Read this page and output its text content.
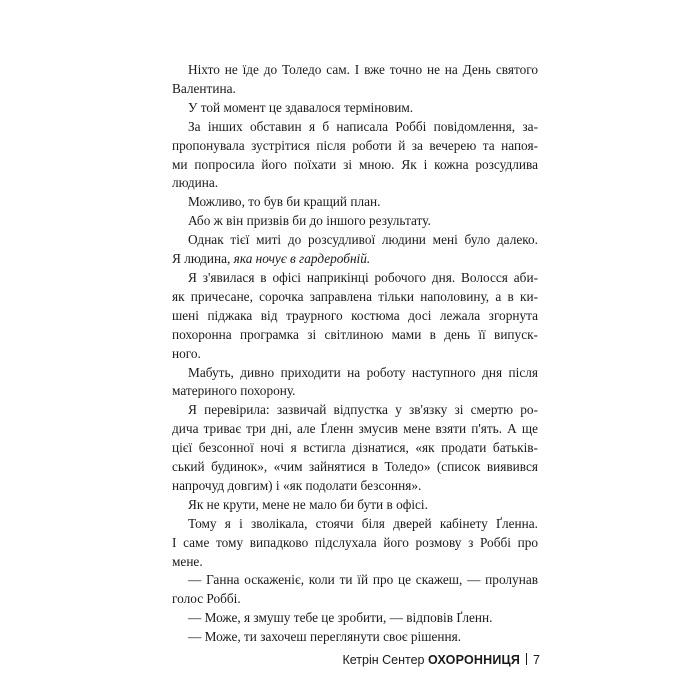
Ніхто не їде до Толедо сам. І вже точно не на День святого
Валентина.

У той момент це здавалося терміновим.

За інших обставин я б написала Роббі повідомлення, за-
пропонувала зустрітися після роботи й за вечерею та напоя-
ми попросила його поїхати зі мною. Як і кожна розсудлива
людина.

Можливо, то був би кращий план.

Або ж він призвів би до іншого результату.

Однак тієї миті до розсудливої людини мені було далеко.
Я людина, яка ночує в гардеробній.

Я з'явилася в офісі наприкінці робочого дня. Волосся аби-
як причесане, сорочка заправлена тільки наполовину, а в ки-
шені піджака від траурного костюма досі лежала згорнута
похоронна програмка зі світлиною мами в день її випуск-
ного.

Мабуть, дивно приходити на роботу наступного дня після
материного похорону.

Я перевірила: зазвичай відпустка у зв'язку зі смертю ро-
дича триває три дні, але Ґленн змусив мене взяти п'ять. А ще
цієї безсонної ночі я встигла дізнатися, «як продати батьків-
ський будинок», «чим зайнятися в Толедо» (список виявився
напрочуд довгим) і «як подолати безсоння».

Як не крути, мене не мало би бути в офісі.

Тому я і зволікала, стоячи біля дверей кабінету Ґленна.
І саме тому випадково підслухала його розмову з Роббі про
мене.

— Ганна оскаженіє, коли ти їй про це скажеш, — пролунав
голос Роббі.

— Може, я змушу тебе це зробити, — відповів Ґленн.

— Може, ти захочеш переглянути своє рішення.

Кетрін Сентер ОХОРОННИЦЯ 7
